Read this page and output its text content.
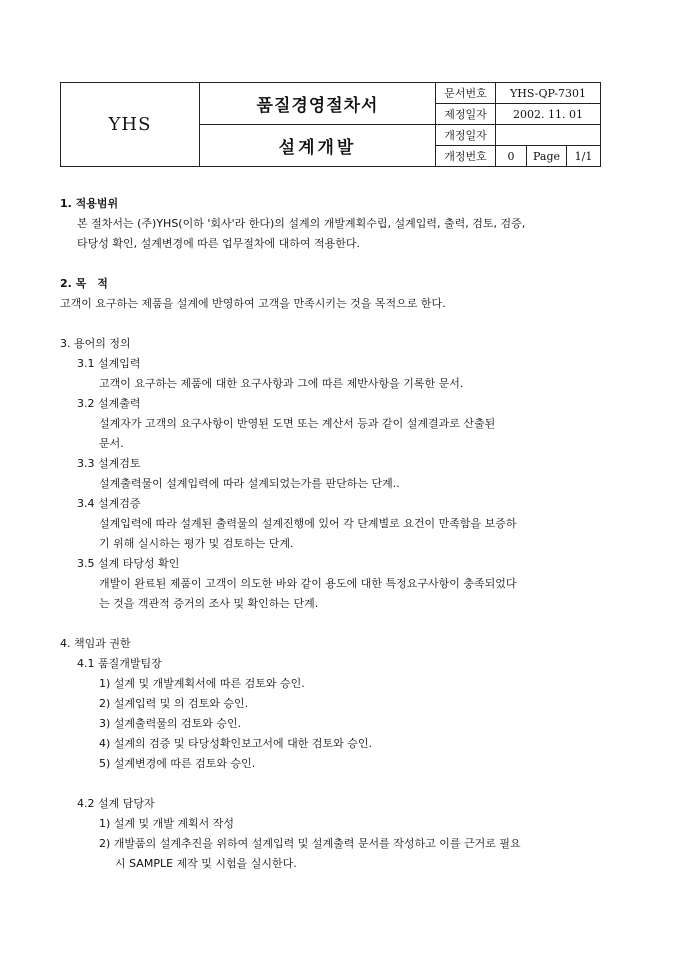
YHS	품질경영절차서	문서번호	YHS-QP-7301		
		제정일자	2002. 11. 01		
	설계개발	개정일자			
		개정번호	0	Page	1/1
1. 적용범위
본 절차서는 (주)YHS(이하 '회사'라 한다)의 설계의 개발계획수립, 설계입력, 출력, 검토, 검증,
타당성 확인, 설계변경에 따른 업무절차에 대하여 적용한다.
2. 목　적
고객이 요구하는 제품을 설계에 반영하여 고객을 만족시키는 것을 목적으로 한다.
3. 용어의 정의
3.1 설계입력
고객이 요구하는 제품에 대한 요구사항과 그에 따른 제반사항을 기록한 문서.
3.2 설계출력
설계자가 고객의 요구사항이 반영된 도면 또는 계산서 등과 같이 설계결과로 산출된
문서.
3.3 설계검토
설계출력물이 설계입력에 따라 설계되었는가를 판단하는 단계..
3.4 설계검증
설계입력에 따라 설계된 출력물의 설계진행에 있어 각 단계별로 요건이 만족함을 보증하
기 위해 실시하는 평가 및 검토하는 단계.
3.5 설계 타당성 확인
개발이 완료된 제품이 고객이 의도한 바와 같이 용도에 대한 특정요구사항이 충족되었다
는 것을 객관적 증거의 조사 및 확인하는 단계.
4. 책임과 권한
4.1 품질개발팀장
1) 설계 및 개발계획서에 따른 검토와 승인.
2) 설계입력 및 의 검토와 승인.
3) 설계출력물의 검토와 승인.
4) 설계의 검증 및 타당성확인보고서에 대한 검토와 승인.
5) 설계변경에 따른 검토와 승인.
4.2 설계 담당자
1) 설계 및 개발 계획서 작성
2) 개발품의 설계추진을 위하여 설계입력 및 설계출력 문서를 작성하고 이를 근거로 필요
시 SAMPLE 제작 및 시험을 실시한다.
